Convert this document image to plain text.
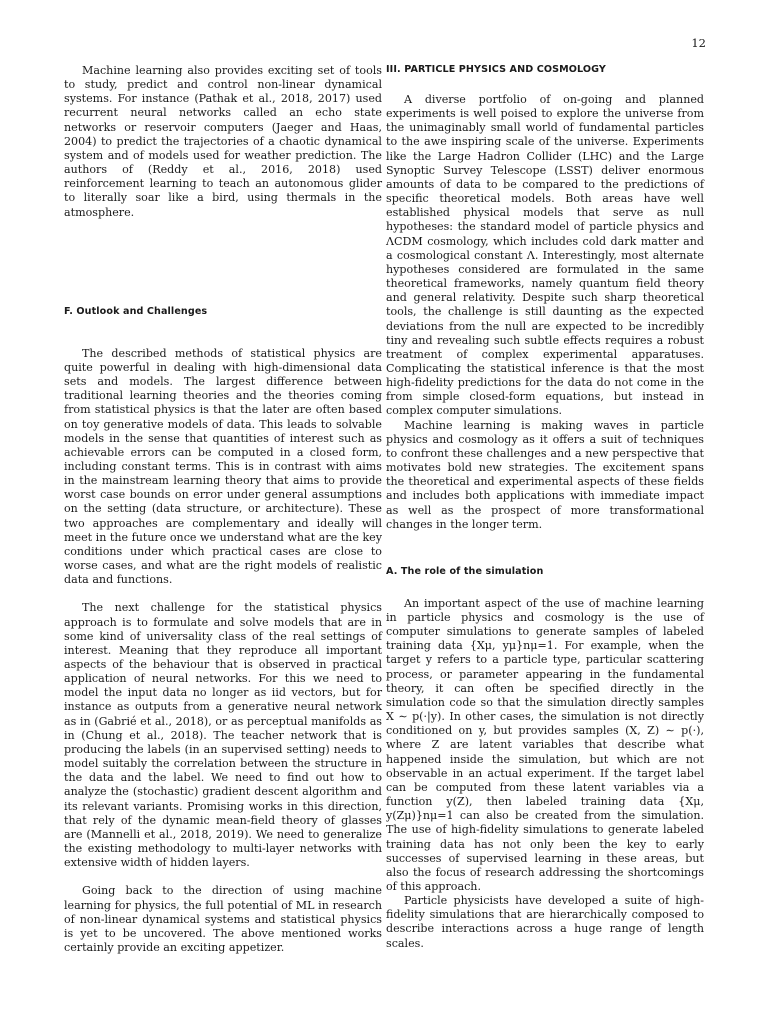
12

Machine learning also provides exciting set of tools to study, predict and control non-linear dynamical systems. For instance (Pathak et al., 2018, 2017) used recurrent neural networks called an echo state networks or reservoir computers (Jaeger and Haas, 2004) to predict the trajectories of a chaotic dynamical system and of models used for weather prediction. The authors of (Reddy et al., 2016, 2018) used reinforcement learning to teach an autonomous glider to literally soar like a bird, using thermals in the atmosphere.

F. Outlook and Challenges

The described methods of statistical physics are quite powerful in dealing with high-dimensional data sets and models. The largest difference between traditional learning theories and the theories coming from statistical physics is that the later are often based on toy generative models of data. This leads to solvable models in the sense that quantities of interest such as achievable errors can be computed in a closed form, including constant terms. This is in contrast with aims in the mainstream learning theory that aims to provide worst case bounds on error under general assumptions on the setting (data structure, or architecture). These two approaches are complementary and ideally will meet in the future once we understand what are the key conditions under which practical cases are close to worse cases, and what are the right models of realistic data and functions.

The next challenge for the statistical physics approach is to formulate and solve models that are in some kind of universality class of the real settings of interest. Meaning that they reproduce all important aspects of the behaviour that is observed in practical application of neural networks. For this we need to model the input data no longer as iid vectors, but for instance as outputs from a generative neural network as in (Gabrié et al., 2018), or as perceptual manifolds as in (Chung et al., 2018). The teacher network that is producing the labels (in an supervised setting) needs to model suitably the correlation between the structure in the data and the label. We need to find out how to analyze the (stochastic) gradient descent algorithm and its relevant variants. Promising works in this direction, that rely of the dynamic mean-field theory of glasses are (Mannelli et al., 2018, 2019). We need to generalize the existing methodology to multi-layer networks with extensive width of hidden layers.

Going back to the direction of using machine learning for physics, the full potential of ML in research of non-linear dynamical systems and statistical physics is yet to be uncovered. The above mentioned works certainly provide an exciting appetizer.

III. PARTICLE PHYSICS AND COSMOLOGY

A diverse portfolio of on-going and planned experiments is well poised to explore the universe from the unimaginably small world of fundamental particles to the awe inspiring scale of the universe. Experiments like the Large Hadron Collider (LHC) and the Large Synoptic Survey Telescope (LSST) deliver enormous amounts of data to be compared to the predictions of specific theoretical models. Both areas have well established physical models that serve as null hypotheses: the standard model of particle physics and ΛCDM cosmology, which includes cold dark matter and a cosmological constant Λ. Interestingly, most alternate hypotheses considered are formulated in the same theoretical frameworks, namely quantum field theory and general relativity. Despite such sharp theoretical tools, the challenge is still daunting as the expected deviations from the null are expected to be incredibly tiny and revealing such subtle effects requires a robust treatment of complex experimental apparatuses. Complicating the statistical inference is that the most high-fidelity predictions for the data do not come in the from simple closed-form equations, but instead in complex computer simulations.

Machine learning is making waves in particle physics and cosmology as it offers a suit of techniques to confront these challenges and a new perspective that motivates bold new strategies. The excitement spans the theoretical and experimental aspects of these fields and includes both applications with immediate impact as well as the prospect of more transformational changes in the longer term.

A. The role of the simulation

An important aspect of the use of machine learning in particle physics and cosmology is the use of computer simulations to generate samples of labeled training data {Xμ, yμ}nμ=1. For example, when the target y refers to a particle type, particular scattering process, or parameter appearing in the fundamental theory, it can often be specified directly in the simulation code so that the simulation directly samples X ∼ p(·|y). In other cases, the simulation is not directly conditioned on y, but provides samples (X, Z) ∼ p(·), where Z are latent variables that describe what happened inside the simulation, but which are not observable in an actual experiment. If the target label can be computed from these latent variables via a function y(Z), then labeled training data {Xμ, y(Zμ)}nμ=1 can also be created from the simulation. The use of high-fidelity simulations to generate labeled training data has not only been the key to early successes of supervised learning in these areas, but also the focus of research addressing the shortcomings of this approach.

Particle physicists have developed a suite of high-fidelity simulations that are hierarchically composed to describe interactions across a huge range of length scales.
